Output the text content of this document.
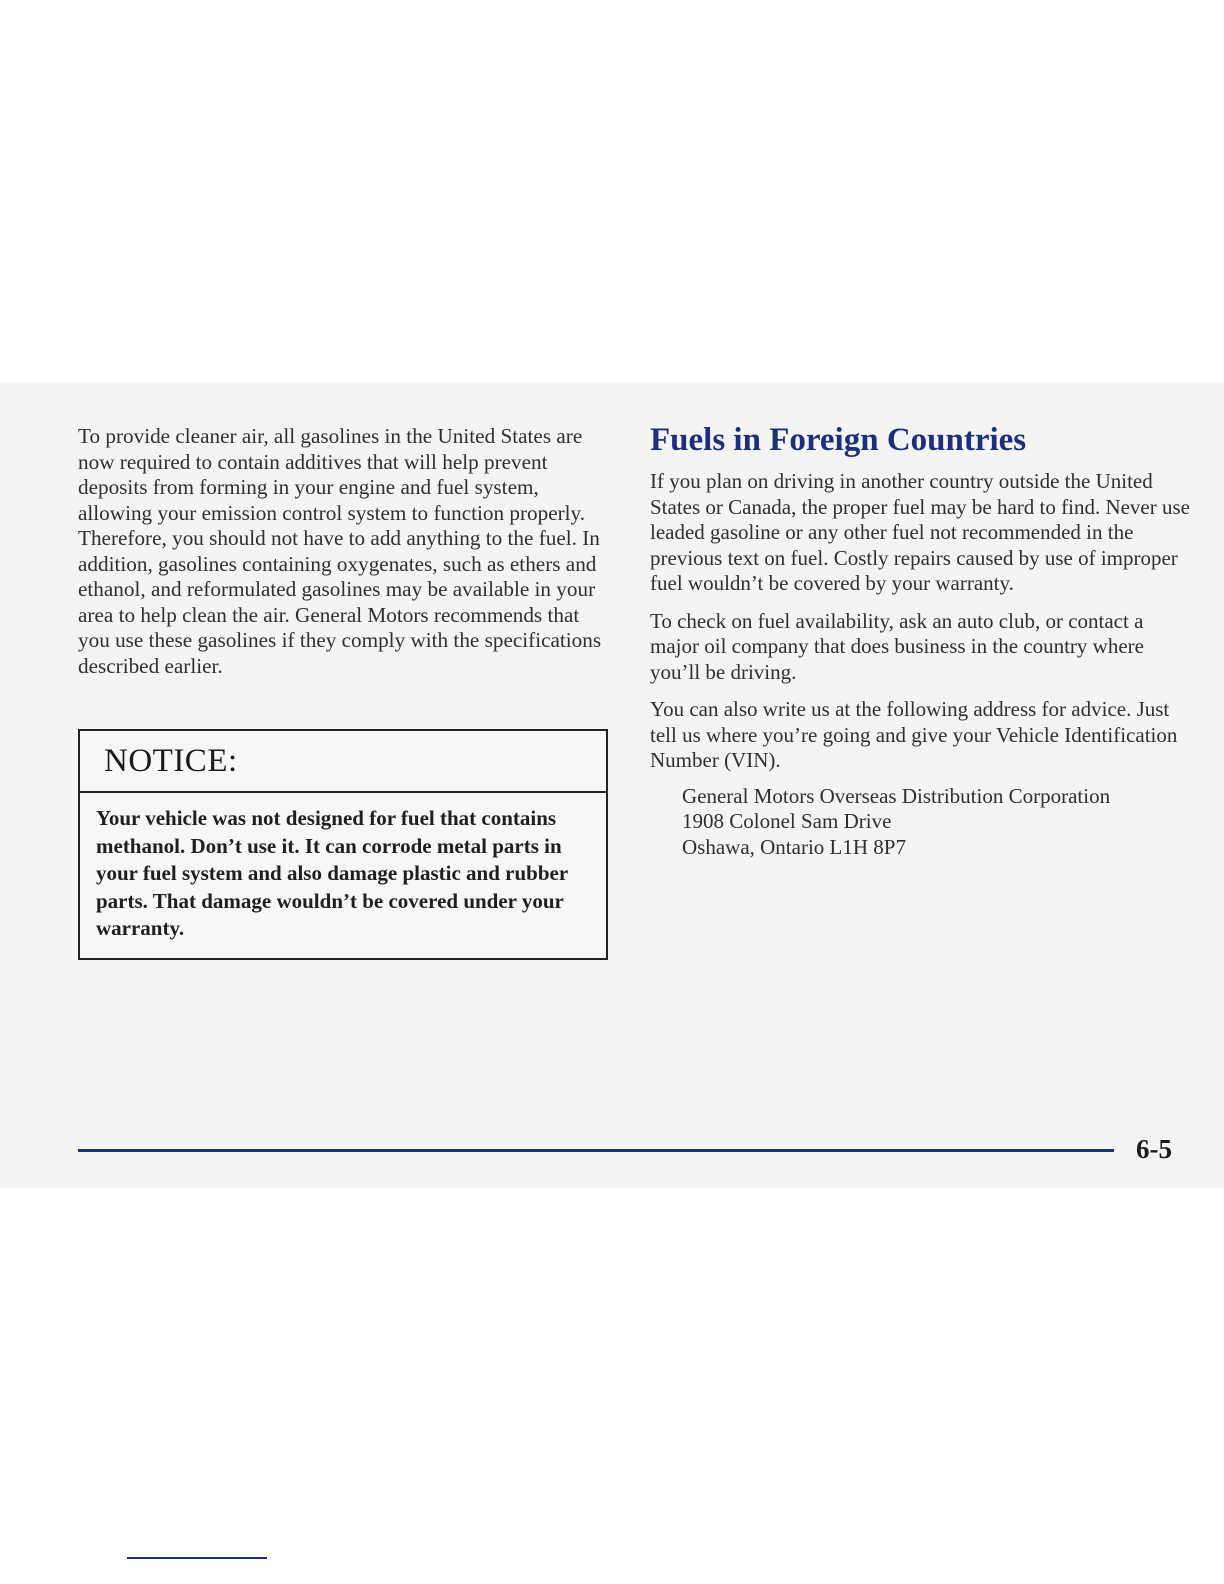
To provide cleaner air, all gasolines in the United States are now required to contain additives that will help prevent deposits from forming in your engine and fuel system, allowing your emission control system to function properly. Therefore, you should not have to add anything to the fuel. In addition, gasolines containing oxygenates, such as ethers and ethanol, and reformulated gasolines may be available in your area to help clean the air. General Motors recommends that you use these gasolines if they comply with the specifications described earlier.

NOTICE:
Your vehicle was not designed for fuel that contains methanol. Don’t use it. It can corrode metal parts in your fuel system and also damage plastic and rubber parts. That damage wouldn’t be covered under your warranty.
Fuels in Foreign Countries

If you plan on driving in another country outside the United States or Canada, the proper fuel may be hard to find. Never use leaded gasoline or any other fuel not recommended in the previous text on fuel. Costly repairs caused by use of improper fuel wouldn’t be covered by your warranty.

To check on fuel availability, ask an auto club, or contact a major oil company that does business in the country where you’ll be driving.

You can also write us at the following address for advice. Just tell us where you’re going and give your Vehicle Identification Number (VIN).

General Motors Overseas Distribution Corporation
1908 Colonel Sam Drive
Oshawa, Ontario L1H 8P7
6-5
